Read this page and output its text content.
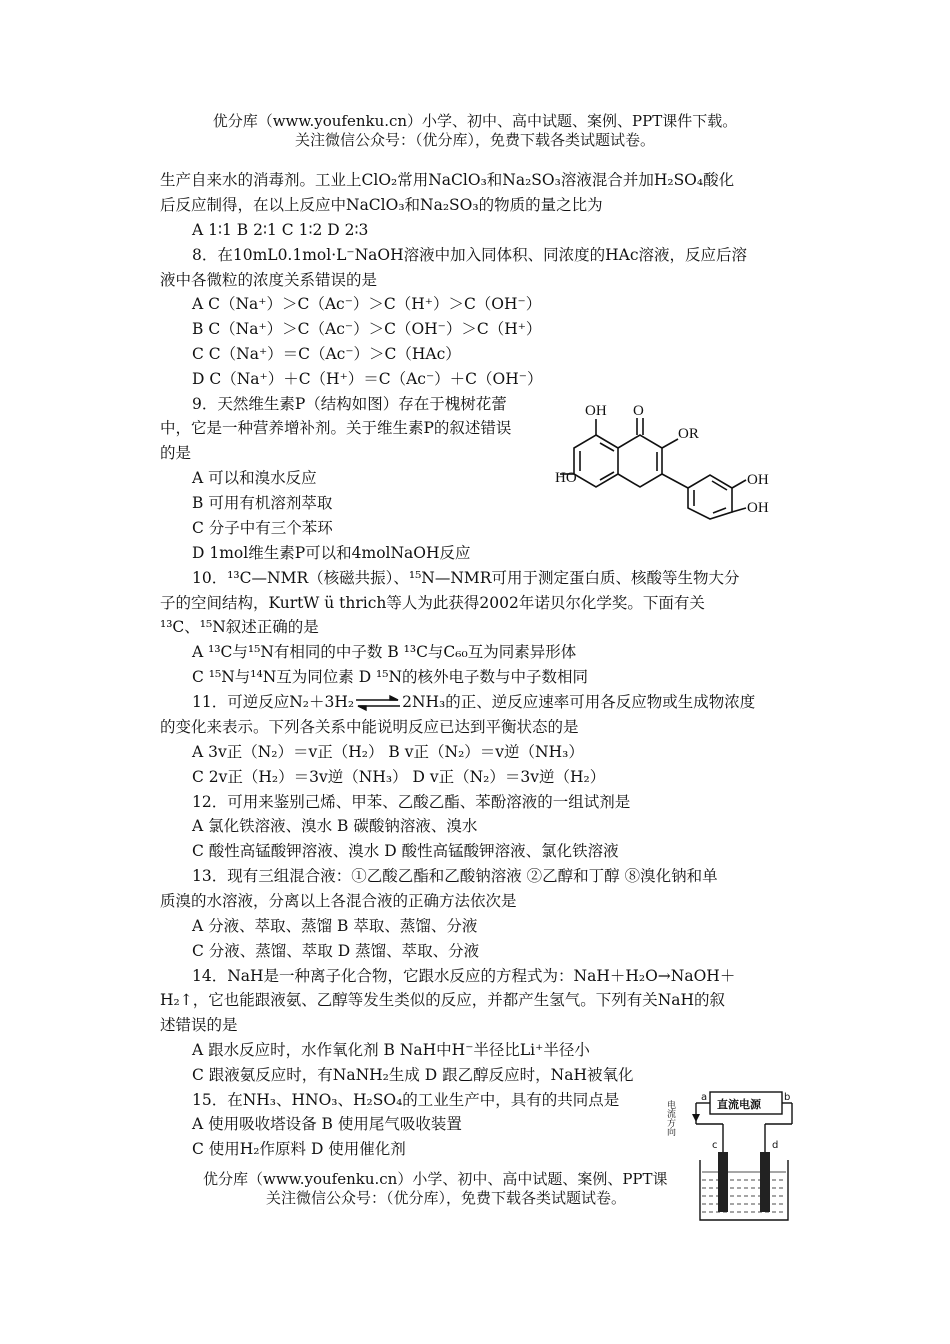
优分库（www.youfenku.cn）小学、初中、高中试题、案例、PPT课件下载。
关注微信公众号：（优分库），免费下载各类试题试卷。
生产自来水的消毒剂。工业上ClO₂常用NaClO₃和Na₂SO₃溶液混合并加H₂SO₄酸化
后反应制得，在以上反应中NaClO₃和Na₂SO₃的物质的量之比为
A 1∶1 B 2∶1 C 1∶2 D 2∶3
8．在10mL0.1mol·L⁻NaOH溶液中加入同体积、同浓度的HAc溶液，反应后溶
液中各微粒的浓度关系错误的是
A C（Na⁺）＞C（Ac⁻）＞C（H⁺）＞C（OH⁻）
B C（Na⁺）＞C（Ac⁻）＞C（OH⁻）＞C（H⁺）
C C（Na⁺）＝C（Ac⁻）＞C（HAc）
D C（Na⁺）＋C（H⁺）＝C（Ac⁻）＋C（OH⁻）
9．天然维生素P（结构如图）存在于槐树花蕾
中，它是一种营养增补剂。关于维生素P的叙述错误
的是
A 可以和溴水反应
B 可用有机溶剂萃取
C 分子中有三个苯环
D 1mol维生素P可以和4molNaOH反应
OH O
OR
HO	OH
OH
10．¹³C—NMR（核磁共振）、¹⁵N—NMR可用于测定蛋白质、核酸等生物大分
子的空间结构，KurtW ü thrich等人为此获得2002年诺贝尔化学奖。下面有关
¹³C、¹⁵N叙述正确的是
A ¹³C与¹⁵N有相同的中子数 B ¹³C与C₆₀互为同素异形体
C ¹⁵N与¹⁴N互为同位素 D ¹⁵N的核外电子数与中子数相同
11．可逆反应N₂＋3H₂⇌2NH₃的正、逆反应速率可用各反应物或生成物浓度
的变化来表示。下列各关系中能说明反应已达到平衡状态的是
A 3v正（N₂）＝v正（H₂） B v正（N₂）＝v逆（NH₃）
C 2v正（H₂）＝3v逆（NH₃） D v正（N₂）＝3v逆（H₂）
12．可用来鉴别己烯、甲苯、乙酸乙酯、苯酚溶液的一组试剂是
A 氯化铁溶液、溴水 B 碳酸钠溶液、溴水
C 酸性高锰酸钾溶液、溴水 D 酸性高锰酸钾溶液、氯化铁溶液
13．现有三组混合液：①乙酸乙酯和乙酸钠溶液 ②乙醇和丁醇 ⑧溴化钠和单
质溴的水溶液，分离以上各混合液的正确方法依次是
A 分液、萃取、蒸馏 B 萃取、蒸馏、分液
C 分液、蒸馏、萃取 D 蒸馏、萃取、分液
14．NaH是一种离子化合物，它跟水反应的方程式为：NaH＋H₂O→NaOH＋
H₂↑，它也能跟液氨、乙醇等发生类似的反应，并都产生氢气。下列有关NaH的叙
述错误的是
A 跟水反应时，水作氧化剂 B NaH中H⁻半径比Li⁺半径小
C 跟液氨反应时，有NaNH₂生成 D 跟乙醇反应时，NaH被氧化
15．在NH₃、HNO₃、H₂SO₄的工业生产中，具有的共同点是
A 使用吸收塔设备 B 使用尾气吸收装置
C 使用H₂作原料 D 使用催化剂
直流电源
a	b
c	d
电流方向
优分库（www.youfenku.cn）小学、初中、高中试题、案例、PPT课
关注微信公众号：（优分库），免费下载各类试题试卷。
